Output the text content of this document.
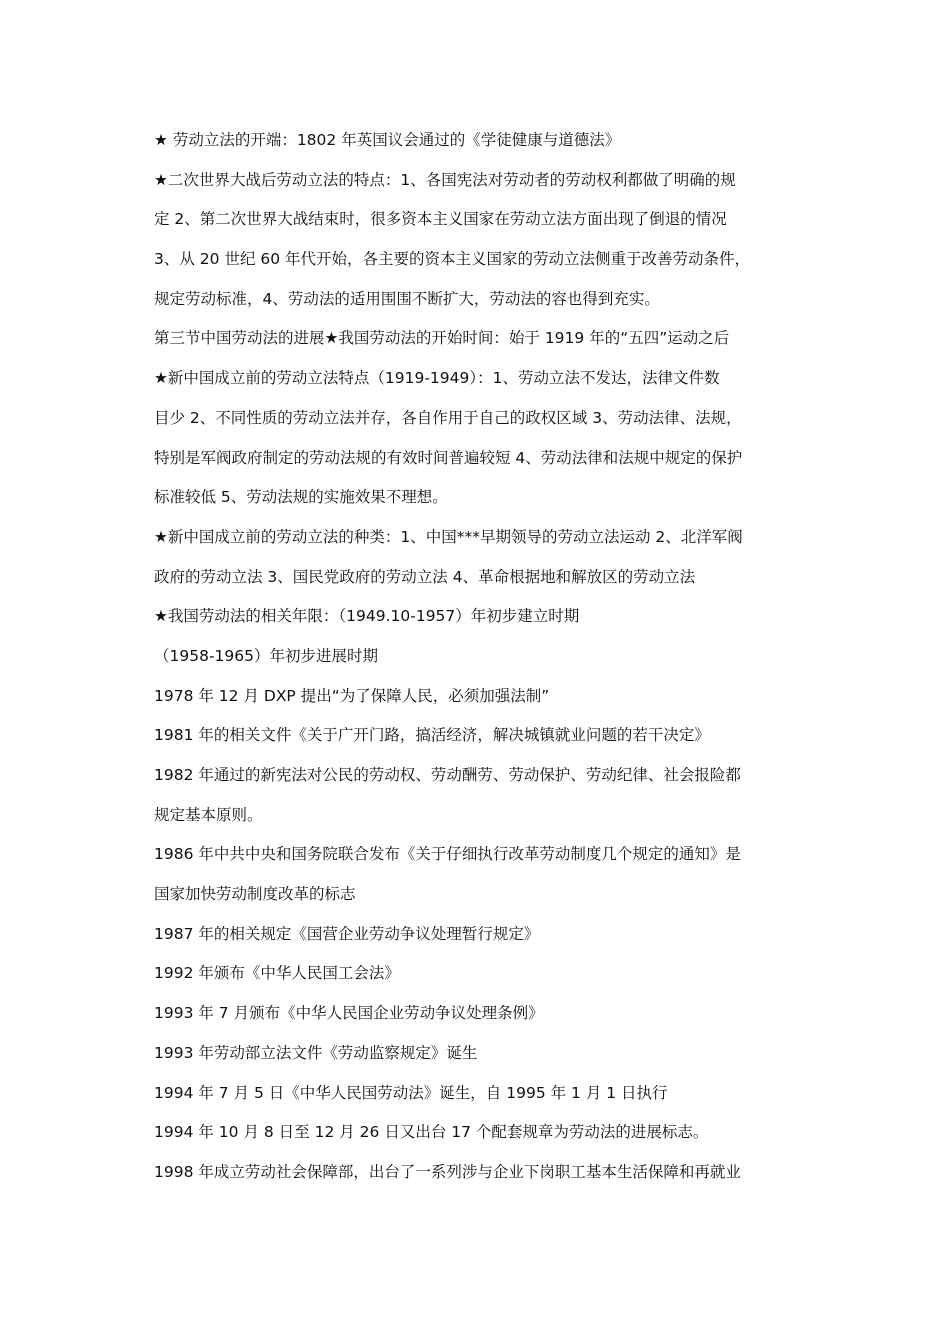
★ 劳动立法的开端：1802 年英国议会通过的《学徒健康与道德法》
★二次世界大战后劳动立法的特点：1、各国宪法对劳动者的劳动权利都做了明确的规
定 2、第二次世界大战结束时，很多资本主义国家在劳动立法方面出现了倒退的情况
3、从 20 世纪 60 年代开始，各主要的资本主义国家的劳动立法侧重于改善劳动条件，
规定劳动标准，4、劳动法的适用围围不断扩大，劳动法的容也得到充实。
第三节中国劳动法的进展★我国劳动法的开始时间：始于 1919 年的“五四”运动之后
★新中国成立前的劳动立法特点（1919-1949）：1、劳动立法不发达，法律文件数
目少 2、不同性质的劳动立法并存，各自作用于自己的政权区域 3、劳动法律、法规，
特别是军阀政府制定的劳动法规的有效时间普遍较短 4、劳动法律和法规中规定的保护
标准较低 5、劳动法规的实施效果不理想。
★新中国成立前的劳动立法的种类：1、中国***早期领导的劳动立法运动 2、北洋军阀
政府的劳动立法 3、国民党政府的劳动立法 4、革命根据地和解放区的劳动立法
★我国劳动法的相关年限：（1949.10-1957）年初步建立时期
（1958-1965）年初步进展时期
1978 年 12 月 DXP 提出“为了保障人民，必须加强法制”
1981 年的相关文件《关于广开门路，搞活经济，解决城镇就业问题的若干决定》
1982 年通过的新宪法对公民的劳动权、劳动酬劳、劳动保护、劳动纪律、社会报险都
规定基本原则。
1986 年中共中央和国务院联合发布《关于仔细执行改革劳动制度几个规定的通知》是
国家加快劳动制度改革的标志
1987 年的相关规定《国营企业劳动争议处理暂行规定》
1992 年颁布《中华人民国工会法》
1993 年 7 月颁布《中华人民国企业劳动争议处理条例》
1993 年劳动部立法文件《劳动监察规定》诞生
1994 年 7 月 5 日《中华人民国劳动法》诞生，自 1995 年 1 月 1 日执行
1994 年 10 月 8 日至 12 月 26 日又出台 17 个配套规章为劳动法的进展标志。
1998 年成立劳动社会保障部，出台了一系列涉与企业下岗职工基本生活保障和再就业
